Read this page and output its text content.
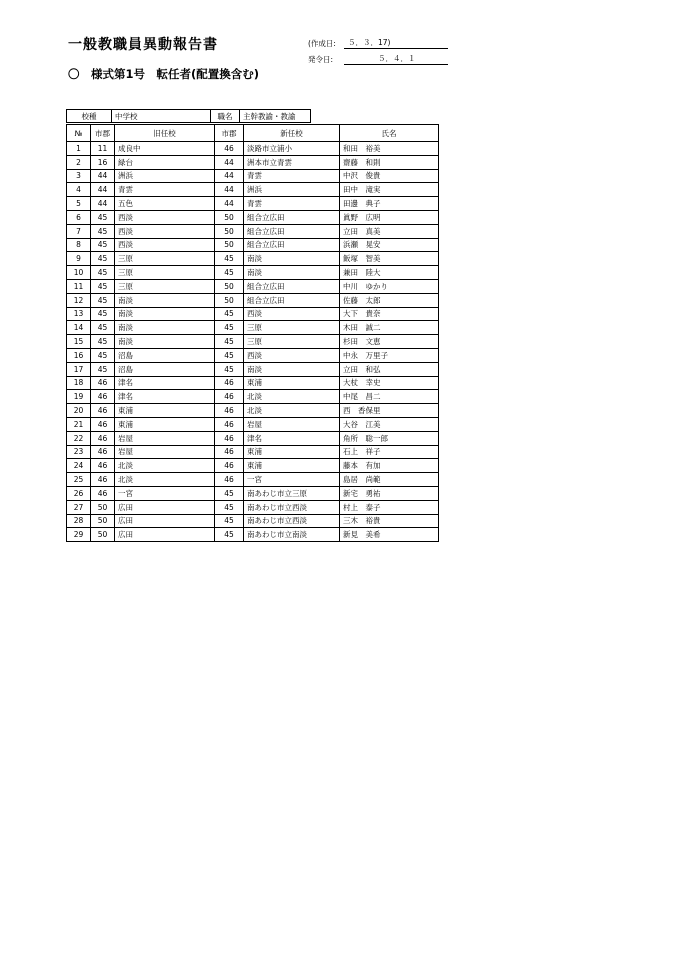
一般教職員異動報告書
〇　様式第1号　転任者(配置換含む)
(作成日:	５．３．17)
発令日:	５．４．１
校種	中学校	職名	主幹教諭・教諭
№	市郡	旧任校	市郡	新任校	氏名
1	11	成良中	46	淡路市立浦小	和田　裕美
2	16	緑台	44	洲本市立青雲	齋藤　和則
3	44	洲浜	44	青雲	中沢　俊貴
4	44	青雲	44	洲浜	田中　滝実
5	44	五色	44	青雲	田邊　典子
6	45	西淡	50	組合立広田	眞野　広明
7	45	西淡	50	組合立広田	立田　真美
8	45	西淡	50	組合立広田	浜瀬　晃安
9	45	三原	45	南淡	飯塚　智美
10	45	三原	45	南淡	兼田　陸大
11	45	三原	50	組合立広田	中川　ゆかり
12	45	南淡	50	組合立広田	佐藤　太郎
13	45	南淡	45	西淡	大下　貴奈
14	45	南淡	45	三原	木田　誠二
15	45	南淡	45	三原	杉田　文恵
16	45	沼島	45	西淡	中永　万里子
17	45	沼島	45	南淡	立田　和弘
18	46	津名	46	東浦	大杖　幸史
19	46	津名	46	北淡	中尾　昌二
20	46	東浦	46	北淡	西　香保里
21	46	東浦	46	岩屋	大谷　江美
22	46	岩屋	46	津名	角所　聡一郎
23	46	岩屋	46	東浦	石上　祥子
24	46	北淡	46	東浦	藤本　有加
25	46	北淡	46	一宮	島居　尚範
26	46	一宮	45	南あわじ市立三原	新宅　勇祐
27	50	広田	45	南あわじ市立西淡	村上　泰子
28	50	広田	45	南あわじ市立西淡	三木　裕貴
29	50	広田	45	南あわじ市立南淡	新見　美希
